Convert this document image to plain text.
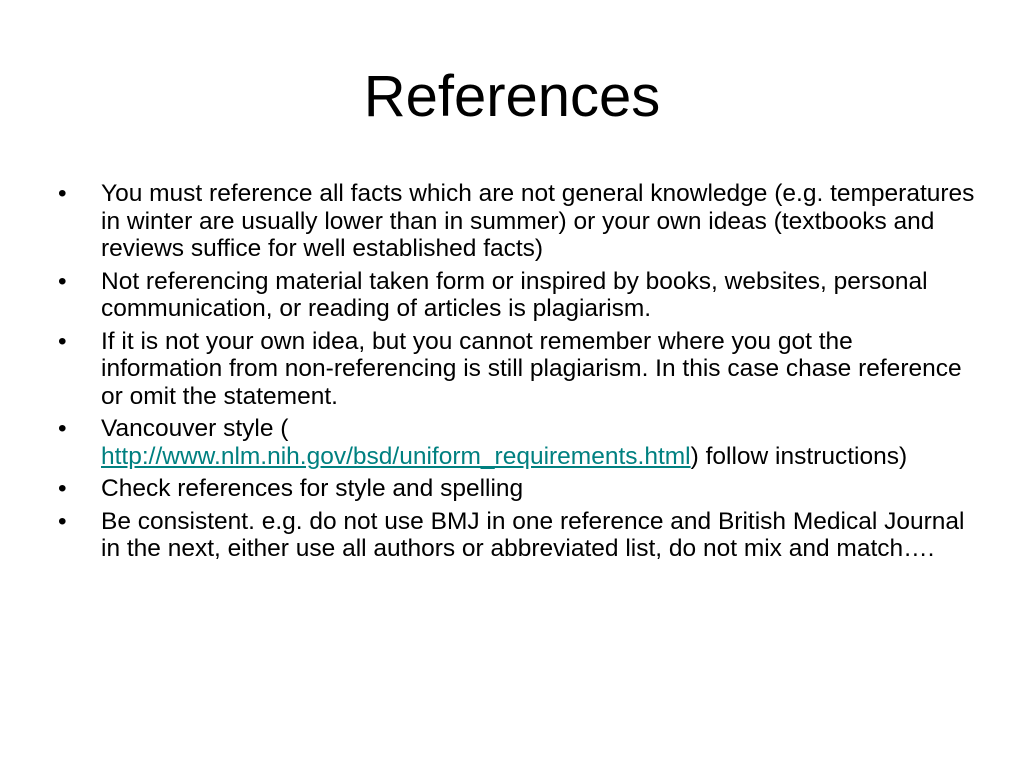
References
•	You must reference all facts which are not general knowledge (e.g. temperatures in winter are usually lower than in summer) or your own ideas (textbooks and reviews suffice for well established facts)
•	Not referencing material taken form or inspired by books, websites, personal communication, or reading of articles is plagiarism.
•	If it is not your own idea, but you cannot remember where you got the information from non-referencing is still plagiarism. In this case chase reference or omit the statement.
•	Vancouver style (
http://www.nlm.nih.gov/bsd/uniform_requirements.html) follow instructions)
•	Check references for style and spelling
•	Be consistent. e.g. do not use BMJ in one reference and British Medical Journal in the next, either use all authors or abbreviated list, do not mix and match….
